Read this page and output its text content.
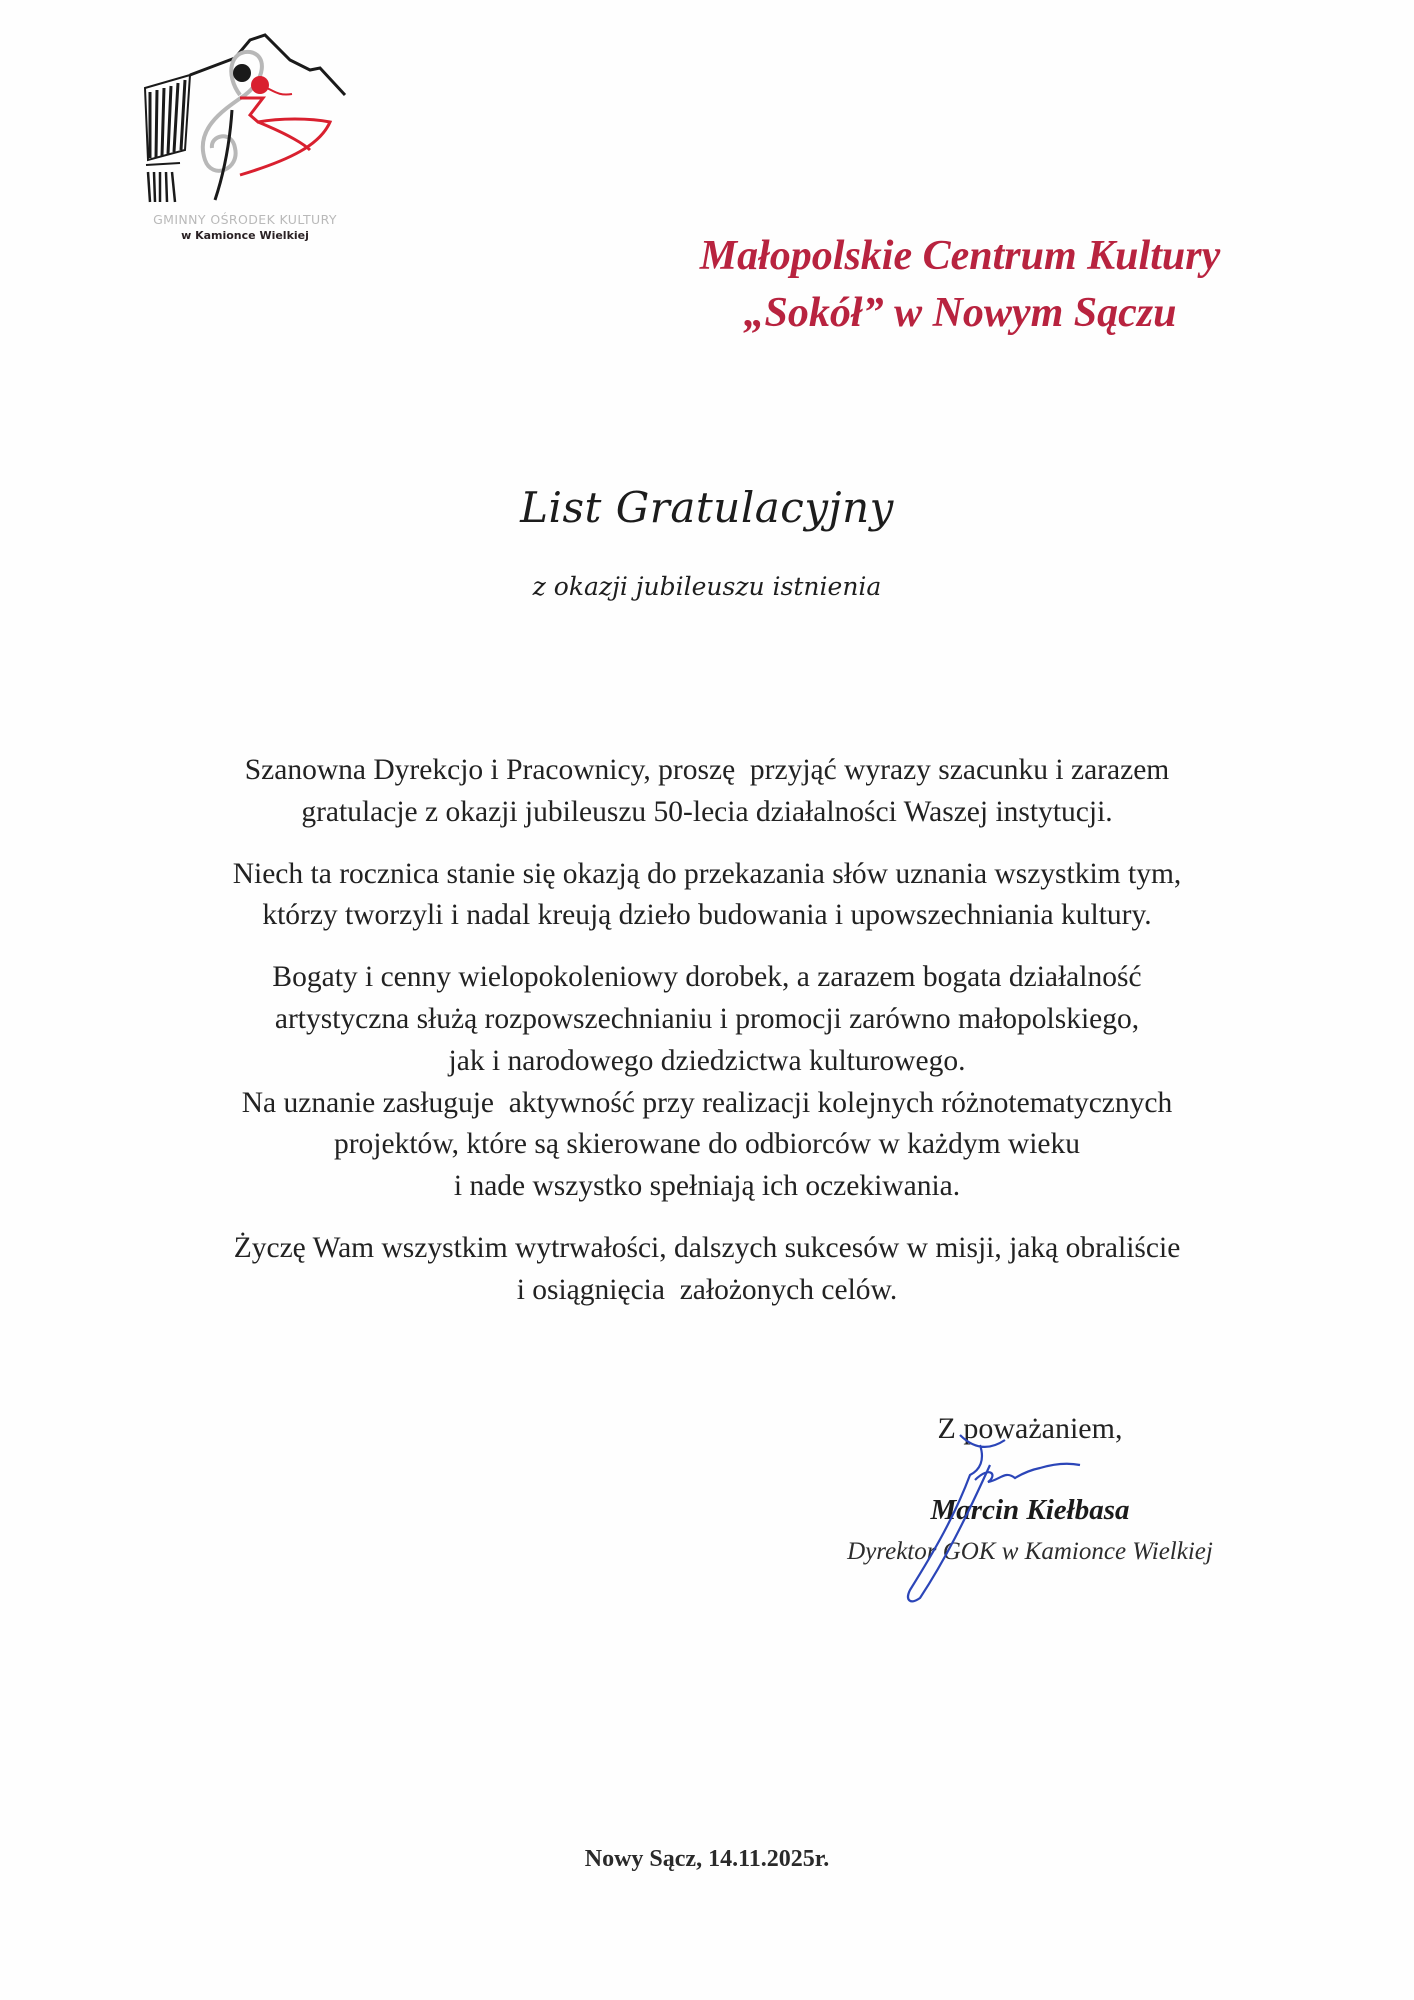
GMINNY OŚRODEK KULTURY
w Kamionce Wielkiej	Małopolskie Centrum Kultury
„Sokół” w Nowym Sączu
List Gratulacyjny
z okazji jubileuszu istnienia

Szanowna Dyrekcjo i Pracownicy, proszę  przyjąć wyrazy szacunku i zarazem
gratulacje z okazji jubileuszu 50-lecia działalności Waszej instytucji.

Niech ta rocznica stanie się okazją do przekazania słów uznania wszystkim tym,
którzy tworzyli i nadal kreują dzieło budowania i upowszechniania kultury.

Bogaty i cenny wielopokoleniowy dorobek, a zarazem bogata działalność
artystyczna służą rozpowszechnianiu i promocji zarówno małopolskiego,
jak i narodowego dziedzictwa kulturowego.
Na uznanie zasługuje  aktywność przy realizacji kolejnych różnotematycznych
projektów, które są skierowane do odbiorców w każdym wieku
i nade wszystko spełniają ich oczekiwania.

Życzę Wam wszystkim wytrwałości, dalszych sukcesów w misji, jaką obraliście
i osiągnięcia  założonych celów.

Z poważaniem,
Marcin Kiełbasa
Dyrektor GOK w Kamionce Wielkiej
Nowy Sącz, 14.11.2025r.
